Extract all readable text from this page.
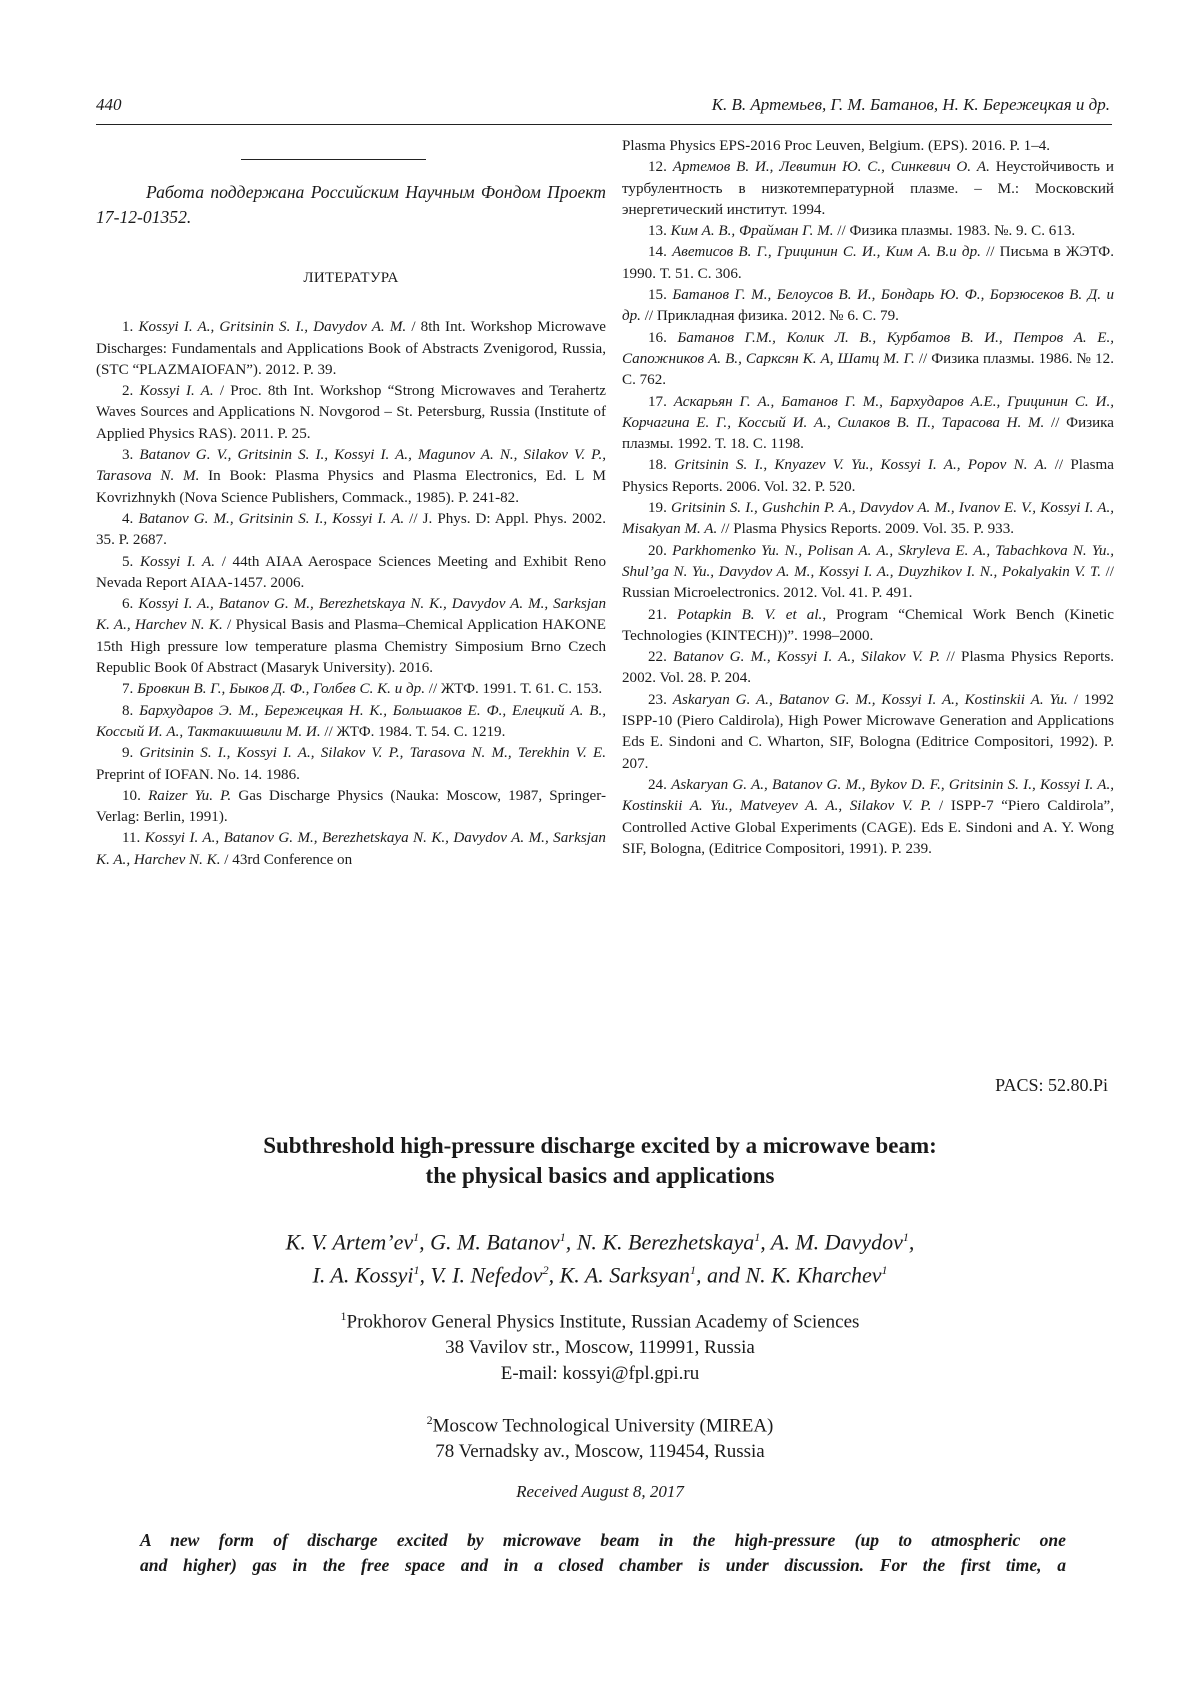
440	К. В. Артемьев, Г. М. Батанов, Н. К. Бережецкая и др.

Работа поддержана Российским Научным Фондом Проект 17-12-01352.

ЛИТЕРАТУРА

1. Kossyi I. A., Gritsinin S. I., Davydov A. M. / 8th Int. Workshop Microwave Discharges: Fundamentals and Applications Book of Abstracts Zvenigorod, Russia, (STC “PLAZMAIOFAN”). 2012. P. 39.

2. Kossyi I. A. / Proc. 8th Int. Workshop “Strong Microwaves and Terahertz Waves Sources and Applications N. Novgorod – St. Petersburg, Russia (Institute of Applied Physics RAS). 2011. P. 25.

3. Batanov G. V., Gritsinin S. I., Kossyi I. A., Magunov A. N., Silakov V. P., Tarasova N. M. In Book: Plasma Physics and Plasma Electronics, Ed. L M Kovrizhnykh (Nova Science Publishers, Commack., 1985). P. 241-82.

4. Batanov G. M., Gritsinin S. I., Kossyi I. A. // J. Phys. D: Appl. Phys. 2002. 35. P. 2687.

5. Kossyi I. A. / 44th AIAA Aerospace Sciences Meeting and Exhibit Reno Nevada Report AIAA-1457. 2006.

6. Kossyi I. A., Batanov G. M., Berezhetskaya N. K., Davydov A. M., Sarksjan K. A., Harchev N. K. / Physical Basis and Plasma–Chemical Application HAKONE 15th High pressure low temperature plasma Chemistry Simposium Brno Czech Republic Book 0f Abstract (Masaryk University). 2016.

7. Бровкин В. Г., Быков Д. Ф., Голбев С. К. и др. // ЖТФ. 1991. Т. 61. С. 153.

8. Бархударов Э. М., Бережецкая Н. К., Большаков Е. Ф., Елецкий А. В., Коссый И. А., Тактакишвили М. И. // ЖТФ. 1984. Т. 54. С. 1219.

9. Gritsinin S. I., Kossyi I. A., Silakov V. P., Tarasova N. M., Terekhin V. E. Preprint of IOFAN. No. 14. 1986.

10. Raizer Yu. P. Gas Discharge Physics (Nauka: Moscow, 1987, Springer-Verlag: Berlin, 1991).

11. Kossyi I. A., Batanov G. M., Berezhetskaya N. K., Davydov A. M., Sarksjan K. A., Harchev N. K. / 43rd Conference on

Plasma Physics EPS-2016 Proc Leuven, Belgium. (EPS). 2016. P. 1–4.

12. Артемов В. И., Левитин Ю. С., Синкевич О. А. Неустойчивость и турбулентность в низкотемпературной плазме. – М.: Московский энергетический институт. 1994.

13. Ким А. В., Фрайман Г. М. // Физика плазмы. 1983. №. 9. С. 613.

14. Аветисов В. Г., Грицинин С. И., Ким А. В.и др. // Письма в ЖЭТФ. 1990. Т. 51. С. 306.

15. Батанов Г. М., Белоусов В. И., Бондарь Ю. Ф., Борзюсеков В. Д. и др. // Прикладная физика. 2012. № 6. С. 79.

16. Батанов Г.М., Колик Л. В., Курбатов В. И., Петров А. Е., Сапожников А. В., Сарксян К. А, Шатц М. Г. // Физика плазмы. 1986. № 12. С. 762.

17. Аскарьян Г. А., Батанов Г. М., Бархударов А.Е., Грицинин С. И., Корчагина Е. Г., Коссый И. А., Силаков В. П., Тарасова Н. М. // Физика плазмы. 1992. Т. 18. С. 1198.

18. Gritsinin S. I., Knyazev V. Yu., Kossyi I. A., Popov N. A. // Plasma Physics Reports. 2006. Vol. 32. P. 520.

19. Gritsinin S. I., Gushchin P. A., Davydov A. M., Ivanov E. V., Kossyi I. A., Misakyan M. A. // Plasma Physics Reports. 2009. Vol. 35. P. 933.

20. Parkhomenko Yu. N., Polisan A. A., Skryleva E. A., Tabachkova N. Yu., Shul’ga N. Yu., Davydov A. M., Kossyi I. A., Duyzhikov I. N., Pokalyakin V. T. // Russian Microelectronics. 2012. Vol. 41. P. 491.

21. Potapkin B. V. et al., Program “Chemical Work Bench (Kinetic Technologies (KINTECH))”. 1998–2000.

22. Batanov G. M., Kossyi I. A., Silakov V. P. // Plasma Physics Reports. 2002. Vol. 28. P. 204.

23. Askaryan G. A., Batanov G. M., Kossyi I. A., Kostinskii A. Yu. / 1992 ISPP-10 (Piero Caldirola), High Power Microwave Generation and Applications Eds E. Sindoni and C. Wharton, SIF, Bologna (Editrice Compositori, 1992). P. 207.

24. Askaryan G. A., Batanov G. M., Bykov D. F., Gritsinin S. I., Kossyi I. A., Kostinskii A. Yu., Matveyev A. A., Silakov V. P. / ISPP-7 “Piero Caldirola”, Controlled Active Global Experiments (CAGE). Eds E. Sindoni and A. Y. Wong SIF, Bologna, (Editrice Compositori, 1991). P. 239.

PACS: 52.80.Pi
Subthreshold high-pressure discharge excited by a microwave beam:
the physical basics and applications
K. V. $Artem’ev^1$, G. M. Batanov$^1$, N. K. Berezhetskaya$^1$, A. M. Davydov$^1$,
I. A. Kossyi$^1$, V. I. Nefedov$^2$, K. A. Sarksyan$^1$, and N. K. Kharchev$^1$
$^1$Prokhorov General Physics Institute, Russian Academy of Sciences
38 Vavilov str., Moscow, 119991, Russia
E-mail: kossyi@fpl.gpi.ru
$^2$Moscow Technological University (MIREA)
78 Vernadsky av., Moscow, 119454, Russia
Received August 8, 2017
A new form of discharge excited by microwave beam in the high-pressure (up to atmospheric one
and higher) gas in the free space and in a closed chamber is under discussion. For the first time, a
